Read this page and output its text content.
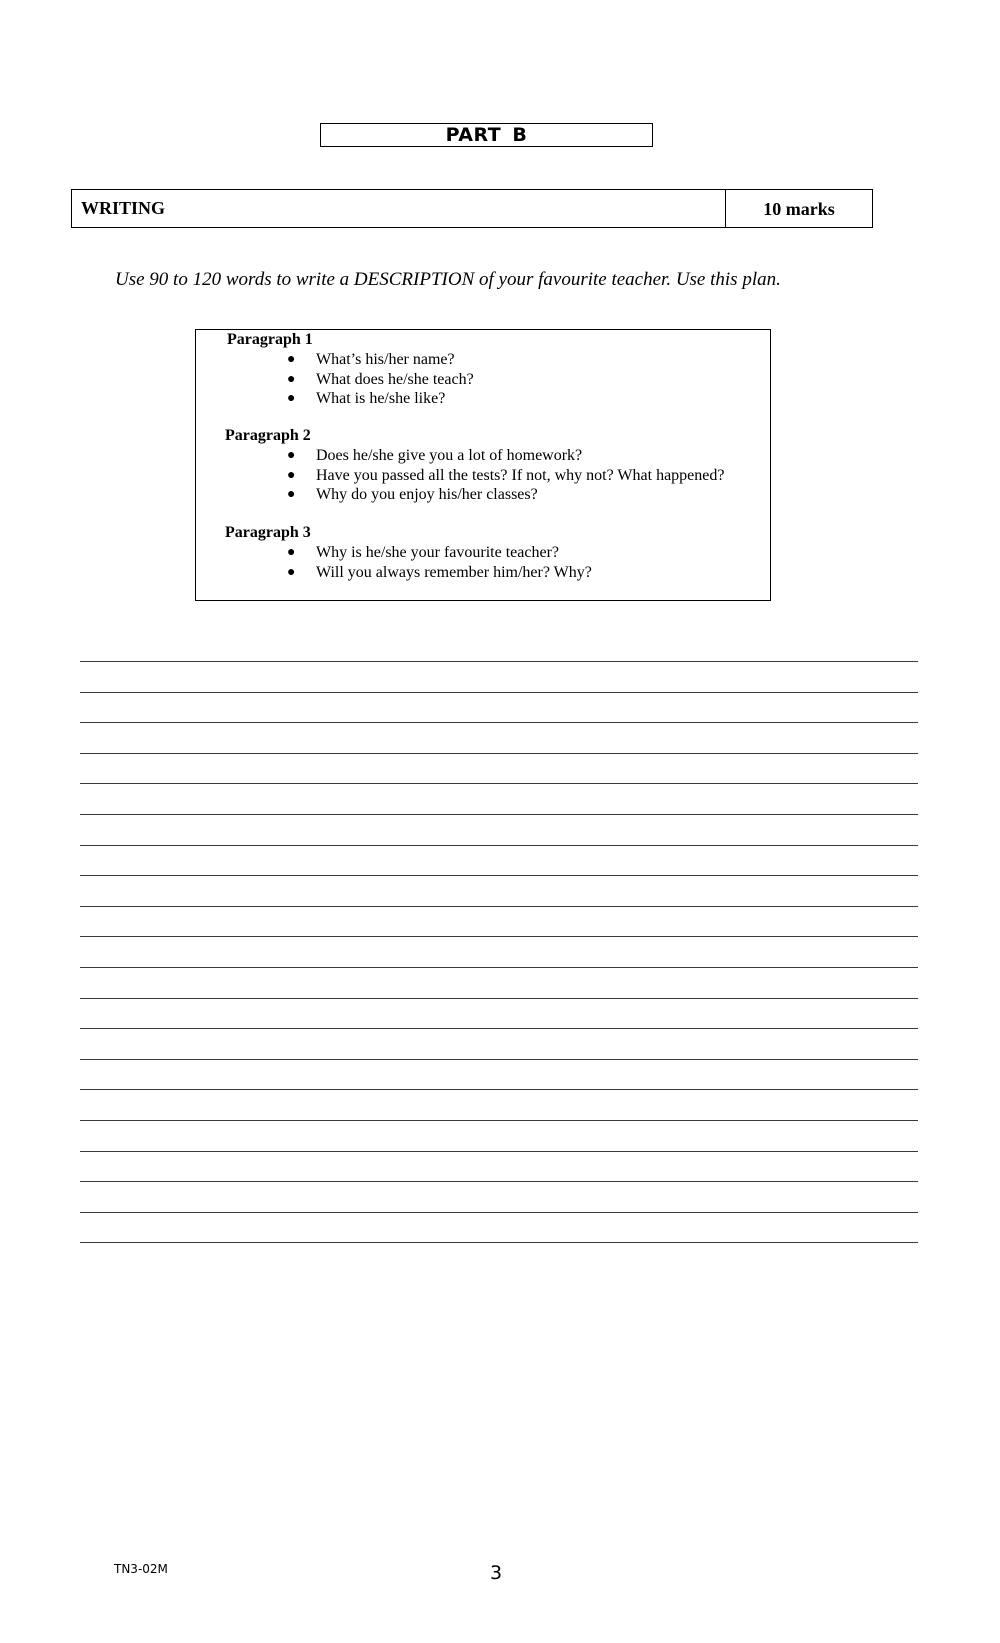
PART B
WRITING	10 marks
Use 90 to 120 words to write a DESCRIPTION of your favourite teacher. Use this plan.
Paragraph 1
● What’s his/her name?
● What does he/she teach?
● What is he/she like?
Paragraph 2
● Does he/she give you a lot of homework?
● Have you passed all the tests? If not, why not? What happened?
● Why do you enjoy his/her classes?
Paragraph 3
● Why is he/she your favourite teacher?
● Will you always remember him/her? Why?
TN3-02M	3
